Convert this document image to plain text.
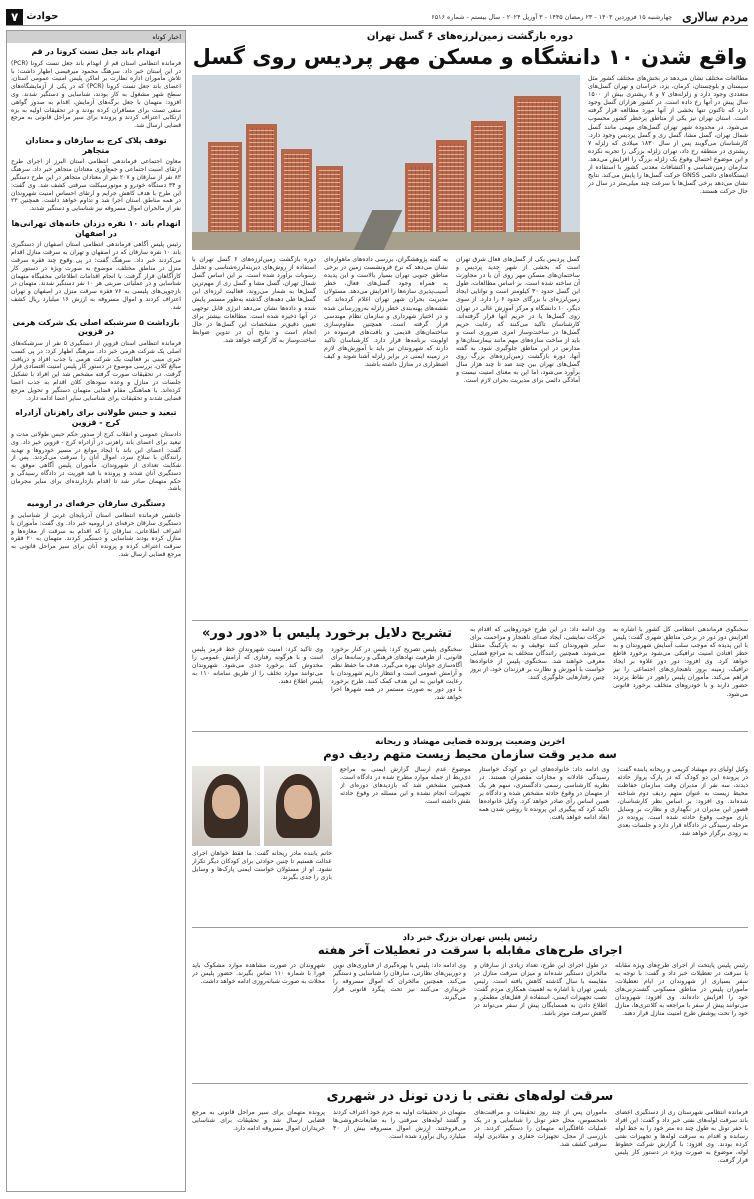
مردم سالاری
چهارشنبه ۱۵ فروردین ۱۴۰۳ - ۲۳ رمضان ۱۴۴۵ - ۳ آوریل ۲۰۲۴ - سال بیستم - شماره ۶۵۱۶
حوادث
۷
اخبار کوتاه
انهدام باند جعل تست کرونا در قم

فرمانده انتظامی استان قم از انهدام باند جعل تست کرونا (PCR) در این استان خبر داد. سرهنگ محمود میرفیضی اظهار داشت: با تلاش مأموران اداره نظارت بر اماکن پلیس امنیت عمومی استان، اعضای باند جعل تست کرونا (PCR) که در یکی از آزمایشگاه‌های سطح شهر مشغول به کار بودند، شناسایی و دستگیر شدند. وی افزود: متهمان با جعل برگه‌های آزمایش، اقدام به صدور گواهی منفی تست برای مسافران کرده بودند و در تحقیقات اولیه به بزه ارتکابی اعتراف کردند و پرونده برای سیر مراحل قانونی به مرجع قضایی ارسال شد.

توقف پلاک کرج به سارقان و معتادان متجاهر

معاون اجتماعی فرماندهی انتظامی استان البرز از اجرای طرح ارتقای امنیت اجتماعی و جمع‌آوری معتادان متجاهر خبر داد. سرهنگ ۸۳ نفر از سارقان و ۲۰۷ نفر از معتادان متجاهر در این طرح دستگیر و ۳۴ دستگاه خودرو و موتورسیکلت سرقتی کشف شد. وی گفت: این طرح با هدف کاهش جرایم و ارتقای احساس امنیت شهروندان در همه مناطق استان اجرا شد و تداوم خواهد داشت. همچنین ۲۳ نفر از مالخران اموال مسروقه نیز شناسایی و دستگیر شدند.

انهدام باند ۱۰ نفره دزدان خانه‌های تهرانی‌ها در اصفهان

رئیس پلیس آگاهی فرماندهی انتظامی استان اصفهان از دستگیری باند ۱۰ نفره سارقان که در اصفهان و تهران به سرقت منازل اقدام می‌کردند خبر داد. سرهنگ گفت: در پی وقوع چند فقره سرقت منزل در مناطق مختلف، موضوع به صورت ویژه در دستور کار کارآگاهان قرار گرفت. با انجام اقدامات اطلاعاتی مخفیگاه متهمان شناسایی و در عملیاتی ضربتی هر ۱۰ نفر دستگیر شدند. متهمان در بازجویی‌های پلیسی به ۷۶ فقره سرقت منزل در اصفهان و تهران اعتراف کردند و اموال مسروقه به ارزش ۱۶ میلیارد ریال کشف شد.

بازداشت ۵ سرشبکه اصلی یک شرکت هرمی در قزوین

فرمانده انتظامی استان قزوین از دستگیری ۵ نفر از سرشبکه‌های اصلی یک شرکت هرمی خبر داد. سرهنگ اظهار کرد: در پی کسب خبری مبنی بر فعالیت یک شرکت هرمی با جذب افراد و دریافت مبالغ کلان، بررسی موضوع در دستور کار پلیس امنیت اقتصادی قرار گرفت. در تحقیقات صورت گرفته مشخص شد این افراد با تشکیل جلسات در منازل و وعده سودهای کلان اقدام به جذب اعضا کرده‌اند. با هماهنگی مقام قضایی متهمان دستگیر و تحویل مرجع قضایی شدند و تحقیقات برای شناسایی سایر اعضا ادامه دارد.

تبعید و حبس طولانی برای راهزنان آزادراه کرج - قزوین

دادستان عمومی و انقلاب کرج از صدور حکم حبس طولانی مدت و تبعید برای اعضای باند راهزنی در آزادراه کرج - قزوین خبر داد. وی گفت: اعضای این باند با ایجاد موانع در مسیر خودروها و تهدید رانندگان با سلاح سرد، اموال آنان را سرقت می‌کردند. پس از شکایت تعدادی از شهروندان، مأموران پلیس آگاهی موفق به دستگیری آنان شدند و پرونده با قید فوریت در دادگاه رسیدگی و حکم متهمان صادر شد تا اقدام بازدارنده‌ای برای سایر مجرمان باشد.

دستگیری سارقان حرفه‌ای در ارومیه

جانشین فرمانده انتظامی استان آذربایجان غربی از شناسایی و دستگیری سارقان حرفه‌ای در ارومیه خبر داد. وی گفت: مأموران با اشراف اطلاعاتی، سارقان را که اقدام به سرقت از مغازه‌ها و منازل کرده بودند شناسایی و دستگیر کردند. متهمان به ۲۰ فقره سرقت اعتراف کرده و پرونده آنان برای سیر مراحل قانونی به مرجع قضایی ارسال شد.

دوره بازگشت زمین‌لرزه‌های ۶ گسل تهران
واقع شدن ۱۰ دانشگاه و مسکن مهر پردیس روی گسل
مطالعات مختلف نشان می‌دهد در بخش‌های مختلف کشور مثل سیستان و بلوچستان، کرمان، یزد، خراسان و تهران گسل‌های متعددی وجود دارد و زلزله‌های ۷ و ۸ ریشتری بیش از ۱۵۰۰ سال پیش در آنها رخ داده است. در کشور هزاران گسل وجود دارد که تاکنون تنها بخشی از آنها مورد مطالعه قرار گرفته است. استان تهران نیز یکی از مناطق پرخطر کشور محسوب می‌شود. در محدوده شهر تهران گسل‌های مهمی مانند گسل شمال تهران، گسل مشا، گسل ری و گسل پردیس وجود دارد. کارشناسان می‌گویند پس از سال ۱۸۳۰ میلادی که زلزله ۷ ریشتری در منطقه رخ داد، تهران زلزله بزرگی را تجربه نکرده و این موضوع احتمال وقوع یک زلزله بزرگ را افزایش می‌دهد. سازمان زمین‌شناسی و اکتشافات معدنی کشور با استفاده از ایستگاه‌های دائمی GNSS حرکت گسل‌ها را پایش می‌کند. نتایج نشان می‌دهد برخی گسل‌ها با سرعت چند میلی‌متر در سال در حال حرکت هستند.
گسل پردیس یکی از گسل‌های فعال شرق تهران است که بخشی از شهر جدید پردیس و ساختمان‌های مسکن مهر روی آن یا در مجاورت آن ساخته شده است. بر اساس مطالعات، طول این گسل حدود ۳۰ کیلومتر است و توانایی ایجاد زمین‌لرزه‌ای با بزرگای حدود ۶ را دارد. از سوی دیگر، ۱۰ دانشگاه و مرکز آموزش عالی در تهران روی گسل‌ها یا در حریم آنها قرار گرفته‌اند. کارشناسان تاکید می‌کنند که رعایت حریم گسل‌ها در ساخت‌وساز امری ضروری است و باید از ساخت سازه‌های مهم مانند بیمارستان‌ها و مدارس در این مناطق جلوگیری شود. به گفته آنها، دوره بازگشت زمین‌لرزه‌های بزرگ روی گسل‌های تهران بین چند صد تا چند هزار سال برآورد می‌شود، اما این به معنای امنیت نیست و آمادگی دائمی برای مدیریت بحران لازم است.
به گفته پژوهشگران، بررسی داده‌های ماهواره‌ای نشان می‌دهد که نرخ فرونشست زمین در برخی مناطق جنوبی تهران بسیار بالاست و این پدیده به همراه وجود گسل‌های فعال، خطر آسیب‌پذیری سازه‌ها را افزایش می‌دهد. مسئولان مدیریت بحران شهر تهران اعلام کرده‌اند که نقشه‌های پهنه‌بندی خطر زلزله به‌روزرسانی شده و در اختیار شهرداری و سازمان نظام مهندسی قرار گرفته است. همچنین مقاوم‌سازی ساختمان‌های قدیمی و بافت‌های فرسوده در اولویت برنامه‌ها قرار دارد. کارشناسان تاکید دارند که شهروندان نیز باید با آموزش‌های لازم در زمینه ایمنی در برابر زلزله آشنا شوند و کیف اضطراری در منازل داشته باشند.
دوره بازگشت زمین‌لرزه‌های ۶ گسل تهران با استفاده از روش‌های دیرینه‌لرزه‌شناسی و تحلیل رسوبات برآورد شده است. بر این اساس گسل شمال تهران، گسل مشا و گسل ری از مهم‌ترین گسل‌ها به شمار می‌روند. فعالیت لرزه‌ای این گسل‌ها طی دهه‌های گذشته به‌طور مستمر پایش شده و داده‌ها نشان می‌دهد انرژی قابل توجهی در آنها ذخیره شده است. مطالعات بیشتر برای تعیین دقیق‌تر مشخصات این گسل‌ها در حال انجام است و نتایج آن در تدوین ضوابط ساخت‌وساز به کار گرفته خواهد شد.
سخنگوی فرماندهی انتظامی کل کشور با اشاره به افزایش دور دور در برخی مناطق شهری گفت: پلیس با این پدیده که موجب سلب آسایش شهروندان و به خطر افتادن امنیت ترافیکی می‌شود برخورد قاطع خواهد کرد. وی افزود: دور دور علاوه بر ایجاد ترافیک، زمینه بروز ناهنجاری‌های اجتماعی را نیز فراهم می‌کند. مأموران پلیس راهور در نقاط پرتردد حضور دارند و با خودروهای متخلف برخورد قانونی می‌شود.
وی ادامه داد: در این طرح خودروهایی که اقدام به حرکات نمایشی، ایجاد صدای ناهنجار و مزاحمت برای سایر شهروندان کنند توقیف و به پارکینگ منتقل می‌شوند. همچنین رانندگان متخلف به مراجع قضایی معرفی خواهند شد. سخنگوی پلیس از خانواده‌ها خواست با آموزش و نظارت بر فرزندان خود، از بروز چنین رفتارهایی جلوگیری کنند.
تشریح دلایل برخورد پلیس با «دور دور»
سخنگوی پلیس تصریح کرد: پلیس در کنار برخورد قانونی، از ظرفیت نهادهای فرهنگی و رسانه‌ها برای آگاه‌سازی جوانان بهره می‌گیرد. هدف ما حفظ نظم و آرامش عمومی است و انتظار داریم شهروندان با رعایت قوانین به این هدف کمک کنند. طرح برخورد با دور دور به صورت مستمر در همه شهرها اجرا خواهد شد.
وی تاکید کرد: امنیت شهروندان خط قرمز پلیس است و با هرگونه رفتاری که آرامش عمومی را مخدوش کند برخورد جدی می‌شود. شهروندان می‌توانند موارد تخلف را از طریق سامانه ۱۱۰ به پلیس اطلاع دهند.
آخرین وضعیت پرونده قضایی مهشاد و ریحانه
سه مدیر وقت سازمان محیط زیست متهم ردیف دوم
وکیل اولیای دم مهشاد کریمی و ریحانه یابنده گفت: در پرونده این دو کودک که در پارک پرواز حادثه دیدند، سه نفر از مدیران وقت سازمان حفاظت محیط زیست به عنوان متهم ردیف دوم شناخته شده‌اند. وی افزود: بر اساس نظر کارشناسان، قصور این مدیران در نگهداری و نظارت بر وسایل بازی موجب وقوع حادثه شده است. پرونده در مرحله رسیدگی در دادگاه قرار دارد و جلسات بعدی به زودی برگزار خواهد شد.
وی ادامه داد: خانواده‌های این دو کودک خواستار رسیدگی عادلانه و مجازات مقصران هستند. در نظریه کارشناسی رسمی دادگستری، سهم هر یک از متهمان در وقوع حادثه مشخص شده و دادگاه بر همین اساس رأی صادر خواهد کرد. وکیل خانواده‌ها تاکید کرد که پیگیری این پرونده تا روشن شدن همه ابعاد ادامه خواهد یافت.
موضوع عدم ارسال گزارش ایمنی به مراجع ذی‌ربط از جمله موارد مطرح شده در دادگاه است. همچنین مشخص شد که بازدیدهای دوره‌ای از تجهیزات انجام نشده و این مسئله در وقوع حادثه نقش داشته است.
خانم یابنده مادر ریحانه گفت: ما فقط خواهان اجرای عدالت هستیم تا چنین حوادثی برای کودکان دیگر تکرار نشود. او از مسئولان خواست ایمنی پارک‌ها و وسایل بازی را جدی بگیرند.
رئیس پلیس تهران بزرگ خبر داد
اجرای طرح‌های مقابله با سرقت در تعطیلات آخر هفته
رئیس پلیس پایتخت از اجرای طرح‌های ویژه مقابله با سرقت در تعطیلات خبر داد و گفت: با توجه به سفر بسیاری از شهروندان در ایام تعطیلات، مأموران پلیس در مناطق مسکونی گشت‌زنی‌های خود را افزایش داده‌اند. وی افزود: شهروندان می‌توانند پیش از سفر با مراجعه به کلانتری‌ها، منازل خود را تحت پوشش طرح امنیت منازل قرار دهند.
در طول اجرای این طرح، تعداد زیادی از سارقان و مالخران دستگیر شده‌اند و میزان سرقت منازل در مقایسه با سال گذشته کاهش یافته است. رئیس پلیس تهران با اشاره به اهمیت همکاری مردم گفت: نصب تجهیزات ایمنی، استفاده از قفل‌های مطمئن و اطلاع دادن به همسایگان پیش از سفر می‌تواند در کاهش سرقت موثر باشد.
وی ادامه داد: پلیس با بهره‌گیری از فناوری‌های نوین و دوربین‌های نظارتی، سارقان را شناسایی و دستگیر می‌کند. همچنین مالخران که اموال مسروقه را خریداری می‌کنند نیز تحت پیگرد قانونی قرار می‌گیرند.
شهروندان در صورت مشاهده موارد مشکوک باید فوراً با شماره ۱۱۰ تماس بگیرند. حضور پلیس در محلات به صورت شبانه‌روزی ادامه خواهد داشت.
سرقت لوله‌های نفتی با زدن تونل در شهرری
فرمانده انتظامی شهرستان ری از دستگیری اعضای باند سرقت لوله‌های نفتی خبر داد و گفت: این افراد با حفر تونل به طول چند ده متر خود را به خط لوله رسانده و اقدام به سرقت لوله‌ها و تجهیزات نفتی کرده بودند. وی افزود: با گزارش شرکت خطوط لوله، موضوع به صورت ویژه در دستور کار پلیس قرار گرفت.
مأموران پس از چند روز تحقیقات و مراقبت‌های نامحسوس، محل حفر تونل را شناسایی و در یک عملیات غافلگیرانه متهمان را دستگیر کردند. در بازرسی از محل، تجهیزات حفاری و مقادیری لوله سرقتی کشف شد.
متهمان در تحقیقات اولیه به جرم خود اعتراف کردند و گفتند لوله‌های سرقتی را به ضایعات‌فروشی‌ها می‌فروختند. ارزش اموال مسروقه بیش از ۴۰ میلیارد ریال برآورد شده است.
پرونده متهمان برای سیر مراحل قانونی به مرجع قضایی ارسال شد و تحقیقات برای شناسایی خریداران اموال مسروقه ادامه دارد.
